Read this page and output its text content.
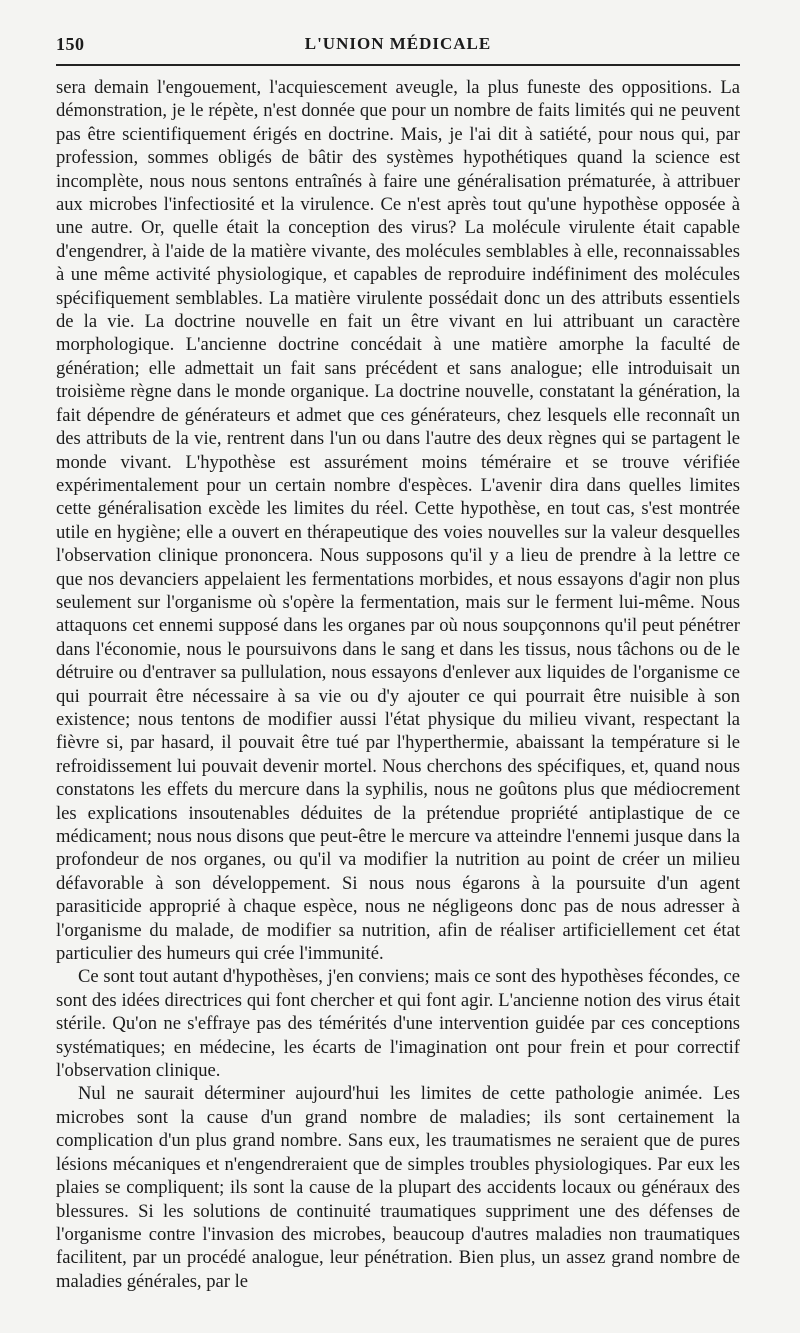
150	L'UNION MÉDICALE

sera demain l'engouement, l'acquiescement aveugle, la plus funeste des oppositions. La démonstration, je le répète, n'est donnée que pour un nombre de faits limités qui ne peuvent pas être scientifiquement érigés en doctrine. Mais, je l'ai dit à satiété, pour nous qui, par profession, sommes obligés de bâtir des systèmes hypothétiques quand la science est incomplète, nous nous sentons entraînés à faire une généralisation prématurée, à attribuer aux microbes l'infectiosité et la virulence. Ce n'est après tout qu'une hypothèse opposée à une autre. Or, quelle était la conception des virus? La molécule virulente était capable d'engendrer, à l'aide de la matière vivante, des molécules semblables à elle, reconnaissables à une même activité physiologique, et capables de reproduire indéfiniment des molécules spécifiquement semblables. La matière virulente possédait donc un des attributs essentiels de la vie. La doctrine nouvelle en fait un être vivant en lui attribuant un caractère morphologique. L'ancienne doctrine concédait à une matière amorphe la faculté de génération; elle admettait un fait sans précédent et sans analogue; elle introduisait un troisième règne dans le monde organique. La doctrine nouvelle, constatant la génération, la fait dépendre de générateurs et admet que ces générateurs, chez lesquels elle reconnaît un des attributs de la vie, rentrent dans l'un ou dans l'autre des deux règnes qui se partagent le monde vivant. L'hypothèse est assurément moins téméraire et se trouve vérifiée expérimentalement pour un certain nombre d'espèces. L'avenir dira dans quelles limites cette généralisation excède les limites du réel. Cette hypothèse, en tout cas, s'est montrée utile en hygiène; elle a ouvert en thérapeutique des voies nouvelles sur la valeur desquelles l'observation clinique prononcera. Nous supposons qu'il y a lieu de prendre à la lettre ce que nos devanciers appelaient les fermentations morbides, et nous essayons d'agir non plus seulement sur l'organisme où s'opère la fermentation, mais sur le ferment lui-même. Nous attaquons cet ennemi supposé dans les organes par où nous soupçonnons qu'il peut pénétrer dans l'économie, nous le poursuivons dans le sang et dans les tissus, nous tâchons ou de le détruire ou d'entraver sa pullulation, nous essayons d'enlever aux liquides de l'organisme ce qui pourrait être nécessaire à sa vie ou d'y ajouter ce qui pourrait être nuisible à son existence; nous tentons de modifier aussi l'état physique du milieu vivant, respectant la fièvre si, par hasard, il pouvait être tué par l'hyperthermie, abaissant la température si le refroidissement lui pouvait devenir mortel. Nous cherchons des spécifiques, et, quand nous constatons les effets du mercure dans la syphilis, nous ne goûtons plus que médiocrement les explications insoutenables déduites de la prétendue propriété antiplastique de ce médicament; nous nous disons que peut-être le mercure va atteindre l'ennemi jusque dans la profondeur de nos organes, ou qu'il va modifier la nutrition au point de créer un milieu défavorable à son développement. Si nous nous égarons à la poursuite d'un agent parasiticide approprié à chaque espèce, nous ne négligeons donc pas de nous adresser à l'organisme du malade, de modifier sa nutrition, afin de réaliser artificiellement cet état particulier des humeurs qui crée l'immunité.

Ce sont tout autant d'hypothèses, j'en conviens; mais ce sont des hypothèses fécondes, ce sont des idées directrices qui font chercher et qui font agir. L'ancienne notion des virus était stérile. Qu'on ne s'effraye pas des témérités d'une intervention guidée par ces conceptions systématiques; en médecine, les écarts de l'imagination ont pour frein et pour correctif l'observation clinique.

Nul ne saurait déterminer aujourd'hui les limites de cette pathologie animée. Les microbes sont la cause d'un grand nombre de maladies; ils sont certainement la complication d'un plus grand nombre. Sans eux, les traumatismes ne seraient que de pures lésions mécaniques et n'engendreraient que de simples troubles physiologiques. Par eux les plaies se compliquent; ils sont la cause de la plupart des accidents locaux ou généraux des blessures. Si les solutions de continuité traumatiques suppriment une des défenses de l'organisme contre l'invasion des microbes, beaucoup d'autres maladies non traumatiques facilitent, par un procédé analogue, leur pénétration. Bien plus, un assez grand nombre de maladies générales, par le
